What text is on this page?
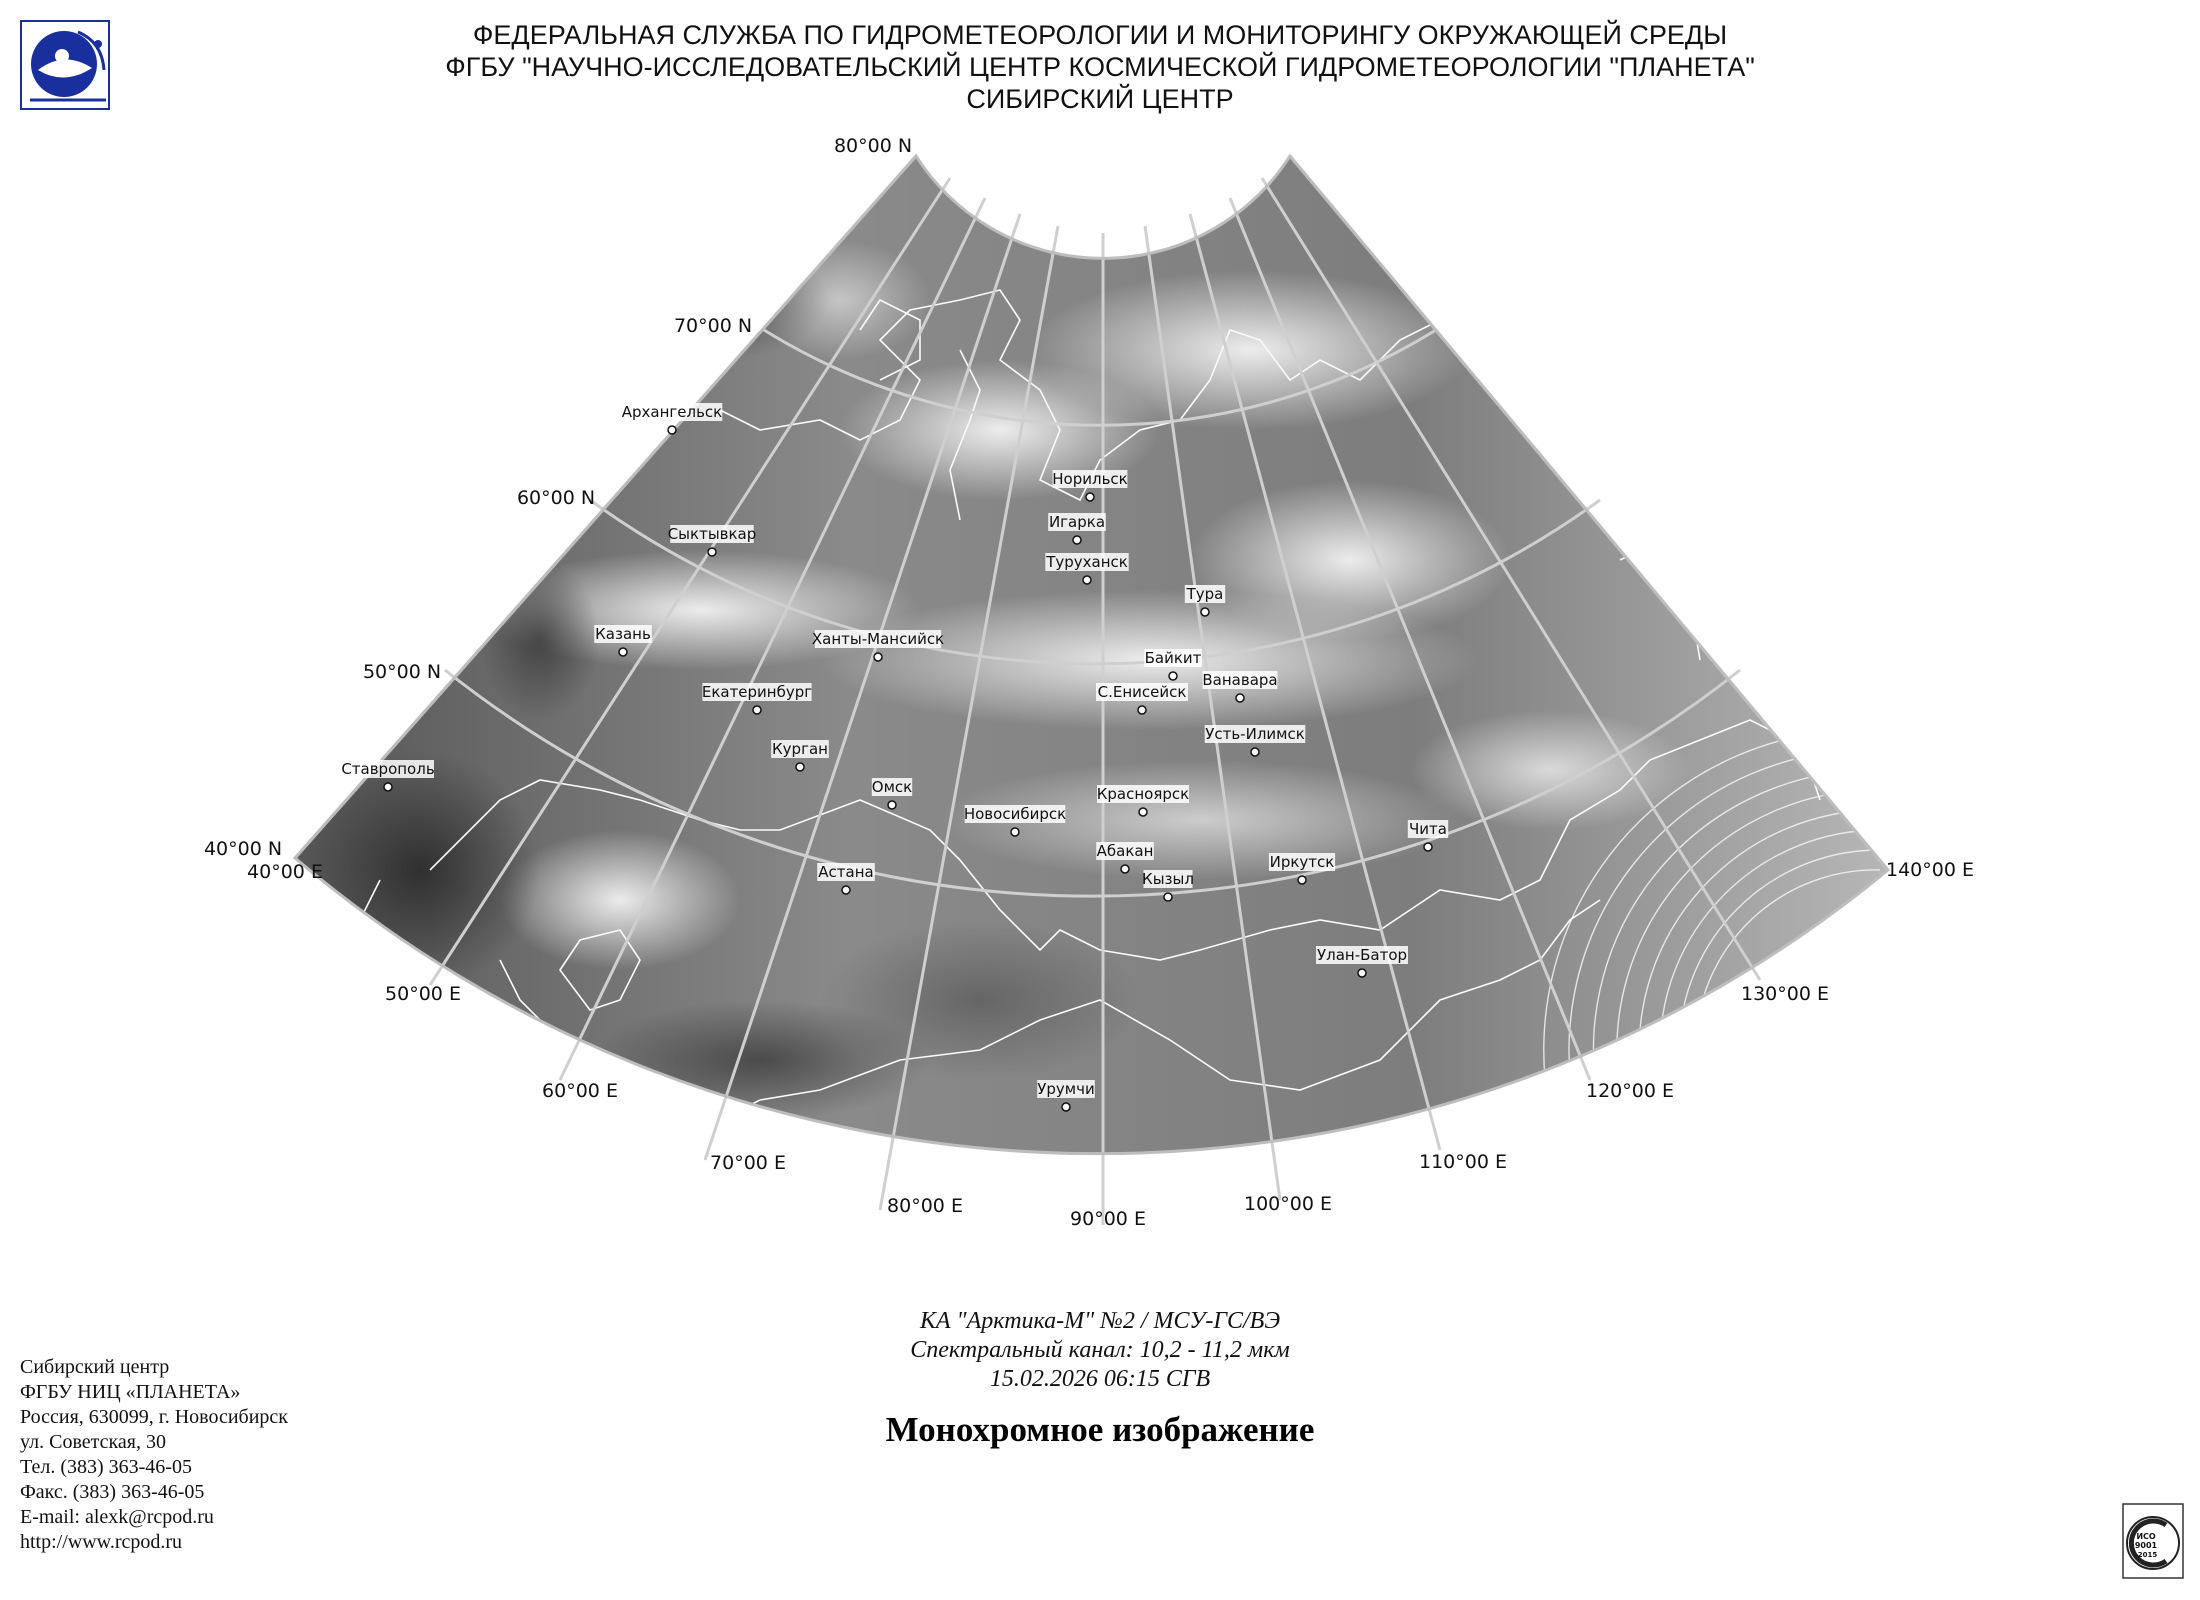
ФЕДЕРАЛЬНАЯ СЛУЖБА ПО ГИДРОМЕТЕОРОЛОГИИ И МОНИТОРИНГУ ОКРУЖАЮЩЕЙ СРЕДЫ
ФГБУ "НАУЧНО-ИССЛЕДОВАТЕЛЬСКИЙ ЦЕНТР КОСМИЧЕСКОЙ ГИДРОМЕТЕОРОЛОГИИ "ПЛАНЕТА"
СИБИРСКИЙ ЦЕНТР
80°00 N
70°00 N
60°00 N
50°00 N
40°00 N
40°00 E
50°00 E
60°00 E
70°00 E
80°00 E
90°00 E
100°00 E
110°00 E
120°00 E
130°00 E
140°00 E
Архангельск
Сыктывкар
Казань
Ставрополь
Ханты-Мансийск
Екатеринбург
Курган
Омск
Астана
Новосибирск
Норильск
Игарка
Туруханск
Тура
Байкит
С.Енисейск
Ванавара
Усть-Илимск
Красноярск
Абакан
Кызыл
Иркутск
Чита
Улан-Батор
Урумчи
КА "Арктика-М" №2 / МСУ-ГС/ВЭ
Спектральный канал: 10,2 - 11,2 мкм
15.02.2026 06:15 СГВ
Монохромное изображение
Сибирский центр
ФГБУ НИЦ «ПЛАНЕТА»
Россия, 630099, г. Новосибирск
ул. Советская, 30
Тел. (383) 363-46-05
Факс. (383) 363-46-05
E-mail: alexk@rcpod.ru
http://www.rcpod.ru	ИСО
9001
-2015
